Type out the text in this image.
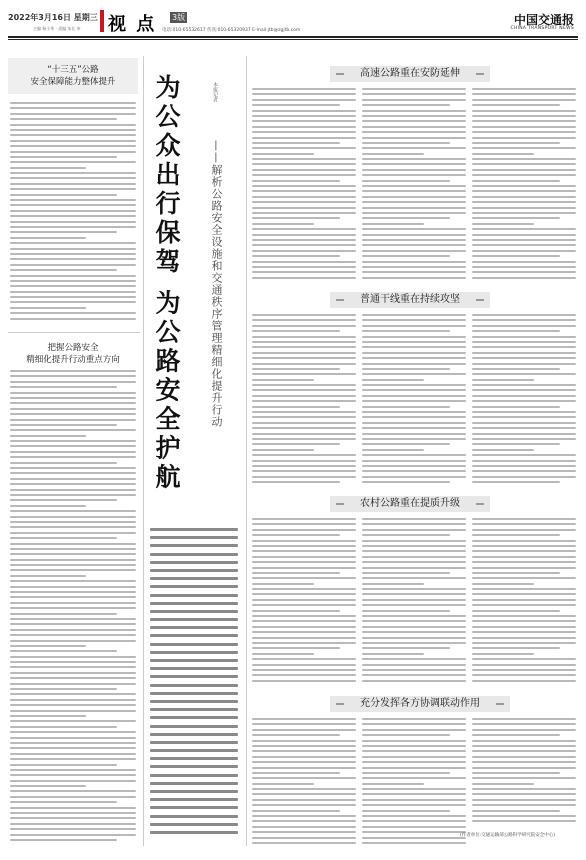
2022年3月16日 星期三
主编 杨小华 · 责编 朱长 审 视 点 3版
电话:010-65532617 传真:010-65320937 E-mail:jtb@zgjtb.com
中国交通报
CHINA TRANSPORT NEWS
“十三五”公路
安全保障能力整体提升
把握公路安全
精细化提升行动重点方向	为公众出行保驾 为公路安全护航	——解析公路安全设施和交通秩序管理精细化提升行动
本报记者
高速公路重在安防延伸
普通干线重在持续攻坚
农村公路重在提质升级
充分发挥各方协调联动作用
(作者单位:交通运输部公路科学研究院安全中心)
